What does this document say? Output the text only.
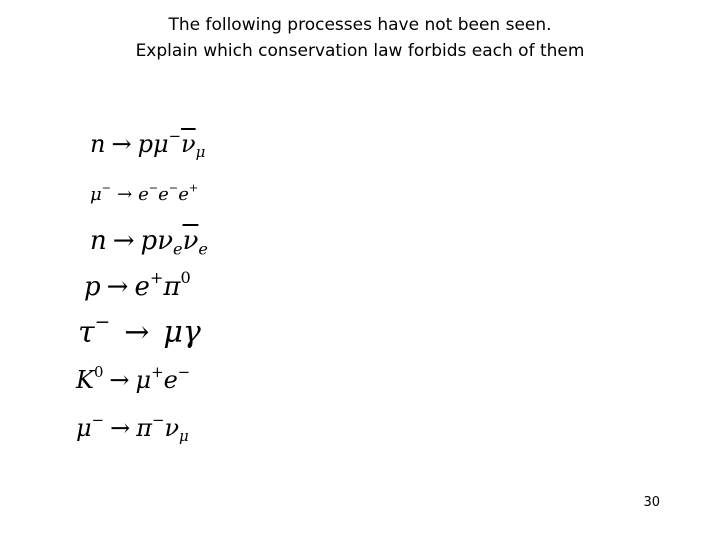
The following processes have not been seen.
Explain which conservation law forbids each of them
$n \to p\mu^-\overline{\nu}_\mu$
μ− → e−e−e+
$n \to p\nu_e\overline{\nu}_e$
$p \to e^+\pi^0$
τ− → μγ
$K^0 \to \mu^+e^-$
$\mu^- \to \pi^-\nu_\mu$
30
